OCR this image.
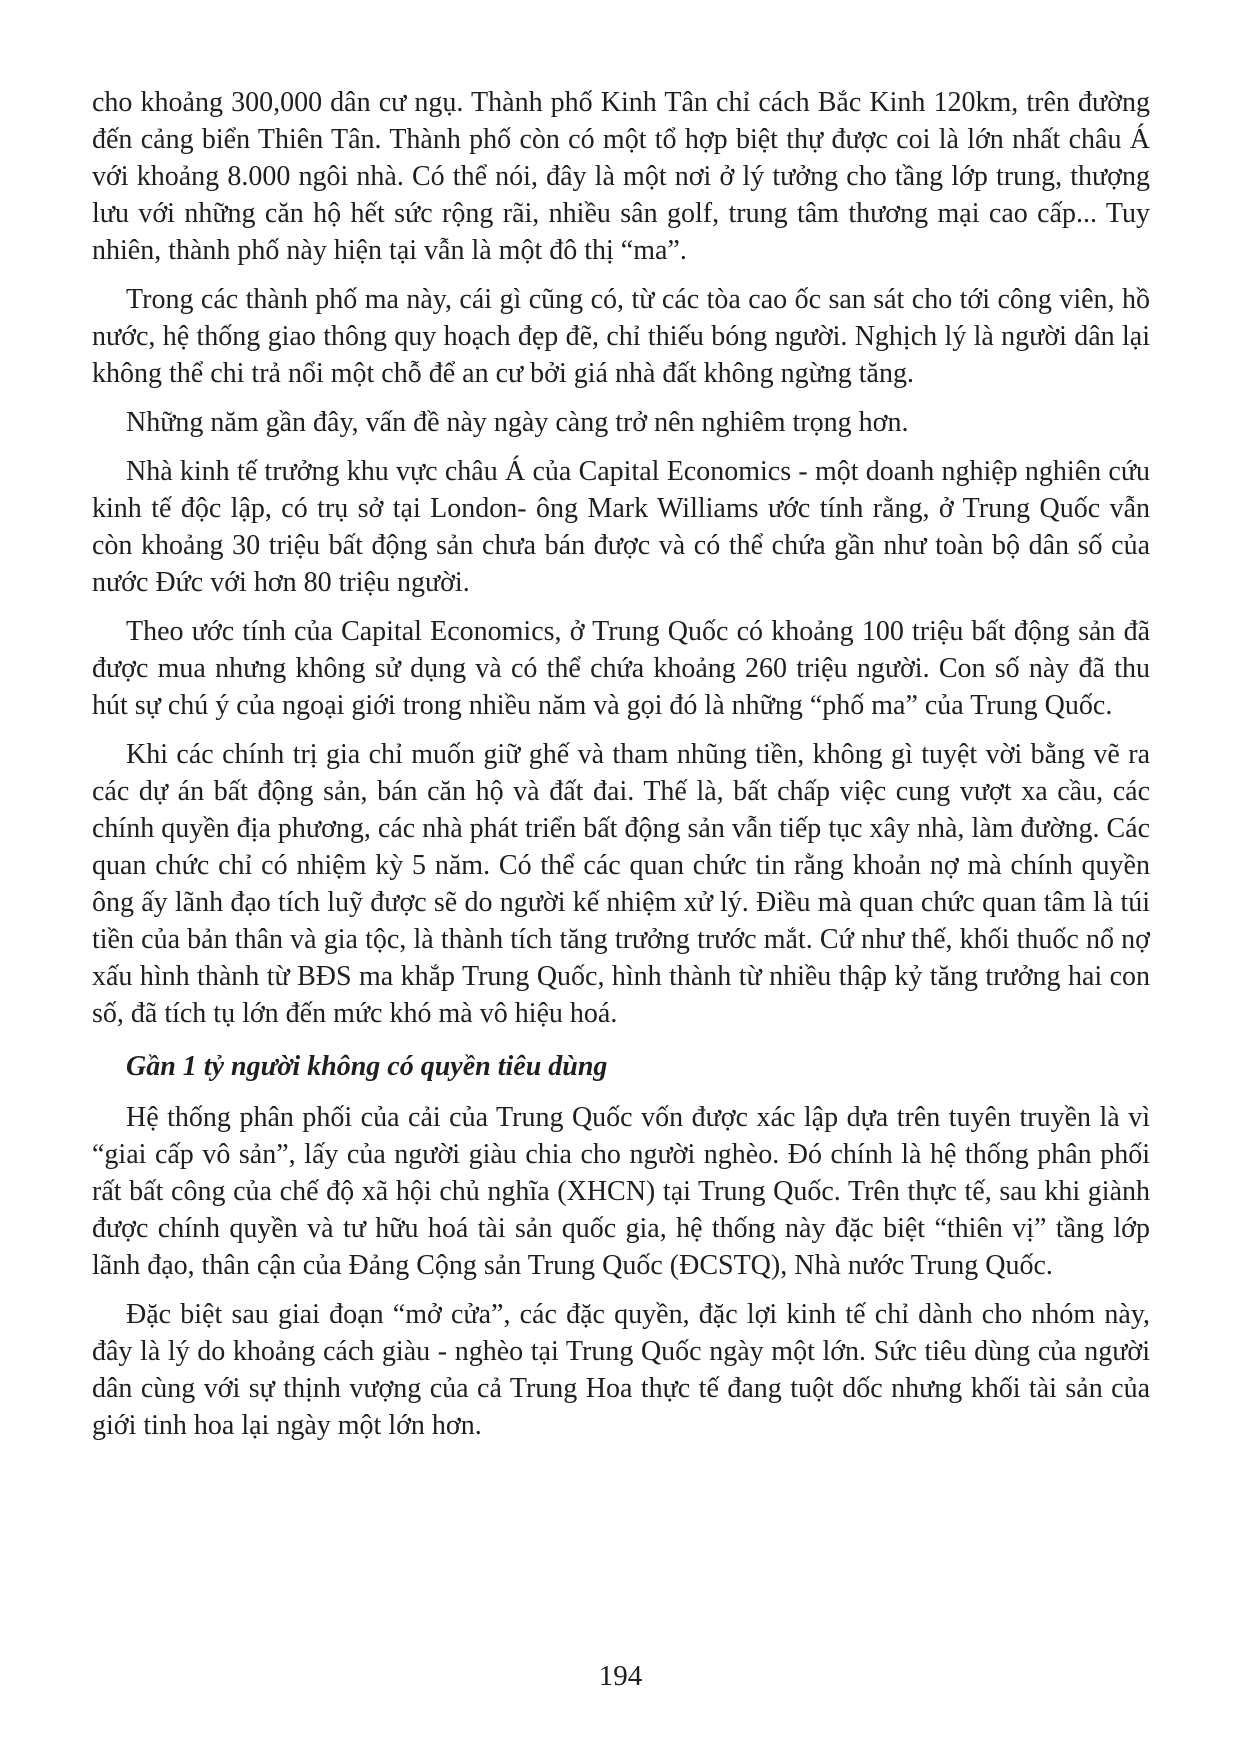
cho khoảng 300,000 dân cư ngụ. Thành phố Kinh Tân chỉ cách Bắc Kinh 120km, trên đường đến cảng biển Thiên Tân. Thành phố còn có một tổ hợp biệt thự được coi là lớn nhất châu Á với khoảng 8.000 ngôi nhà. Có thể nói, đây là một nơi ở lý tưởng cho tầng lớp trung, thượng lưu với những căn hộ hết sức rộng rãi, nhiều sân golf, trung tâm thương mại cao cấp... Tuy nhiên, thành phố này hiện tại vẫn là một đô thị “ma”.

Trong các thành phố ma này, cái gì cũng có, từ các tòa cao ốc san sát cho tới công viên, hồ nước, hệ thống giao thông quy hoạch đẹp đẽ, chỉ thiếu bóng người. Nghịch lý là người dân lại không thể chi trả nổi một chỗ để an cư bởi giá nhà đất không ngừng tăng.

Những năm gần đây, vấn đề này ngày càng trở nên nghiêm trọng hơn.

Nhà kinh tế trưởng khu vực châu Á của Capital Economics - một doanh nghiệp nghiên cứu kinh tế độc lập, có trụ sở tại London- ông Mark Williams ước tính rằng, ở Trung Quốc vẫn còn khoảng 30 triệu bất động sản chưa bán được và có thể chứa gần như toàn bộ dân số của nước Đức với hơn 80 triệu người.

Theo ước tính của Capital Economics, ở Trung Quốc có khoảng 100 triệu bất động sản đã được mua nhưng không sử dụng và có thể chứa khoảng 260 triệu người. Con số này đã thu hút sự chú ý của ngoại giới trong nhiều năm và gọi đó là những “phố ma” của Trung Quốc.

Khi các chính trị gia chỉ muốn giữ ghế và tham nhũng tiền, không gì tuyệt vời bằng vẽ ra các dự án bất động sản, bán căn hộ và đất đai. Thế là, bất chấp việc cung vượt xa cầu, các chính quyền địa phương, các nhà phát triển bất động sản vẫn tiếp tục xây nhà, làm đường. Các quan chức chỉ có nhiệm kỳ 5 năm. Có thể các quan chức tin rằng khoản nợ mà chính quyền ông ấy lãnh đạo tích luỹ được sẽ do người kế nhiệm xử lý. Điều mà quan chức quan tâm là túi tiền của bản thân và gia tộc, là thành tích tăng trưởng trước mắt. Cứ như thế, khối thuốc nổ nợ xấu hình thành từ BĐS ma khắp Trung Quốc, hình thành từ nhiều thập kỷ tăng trưởng hai con số, đã tích tụ lớn đến mức khó mà vô hiệu hoá.

Gần 1 tỷ người không có quyền tiêu dùng

Hệ thống phân phối của cải của Trung Quốc vốn được xác lập dựa trên tuyên truyền là vì “giai cấp vô sản”, lấy của người giàu chia cho người nghèo. Đó chính là hệ thống phân phối rất bất công của chế độ xã hội chủ nghĩa (XHCN) tại Trung Quốc. Trên thực tế, sau khi giành được chính quyền và tư hữu hoá tài sản quốc gia, hệ thống này đặc biệt “thiên vị” tầng lớp lãnh đạo, thân cận của Đảng Cộng sản Trung Quốc (ĐCSTQ), Nhà nước Trung Quốc.

Đặc biệt sau giai đoạn “mở cửa”, các đặc quyền, đặc lợi kinh tế chỉ dành cho nhóm này, đây là lý do khoảng cách giàu - nghèo tại Trung Quốc ngày một lớn. Sức tiêu dùng của người dân cùng với sự thịnh vượng của cả Trung Hoa thực tế đang tuột dốc nhưng khối tài sản của giới tinh hoa lại ngày một lớn hơn.

194
